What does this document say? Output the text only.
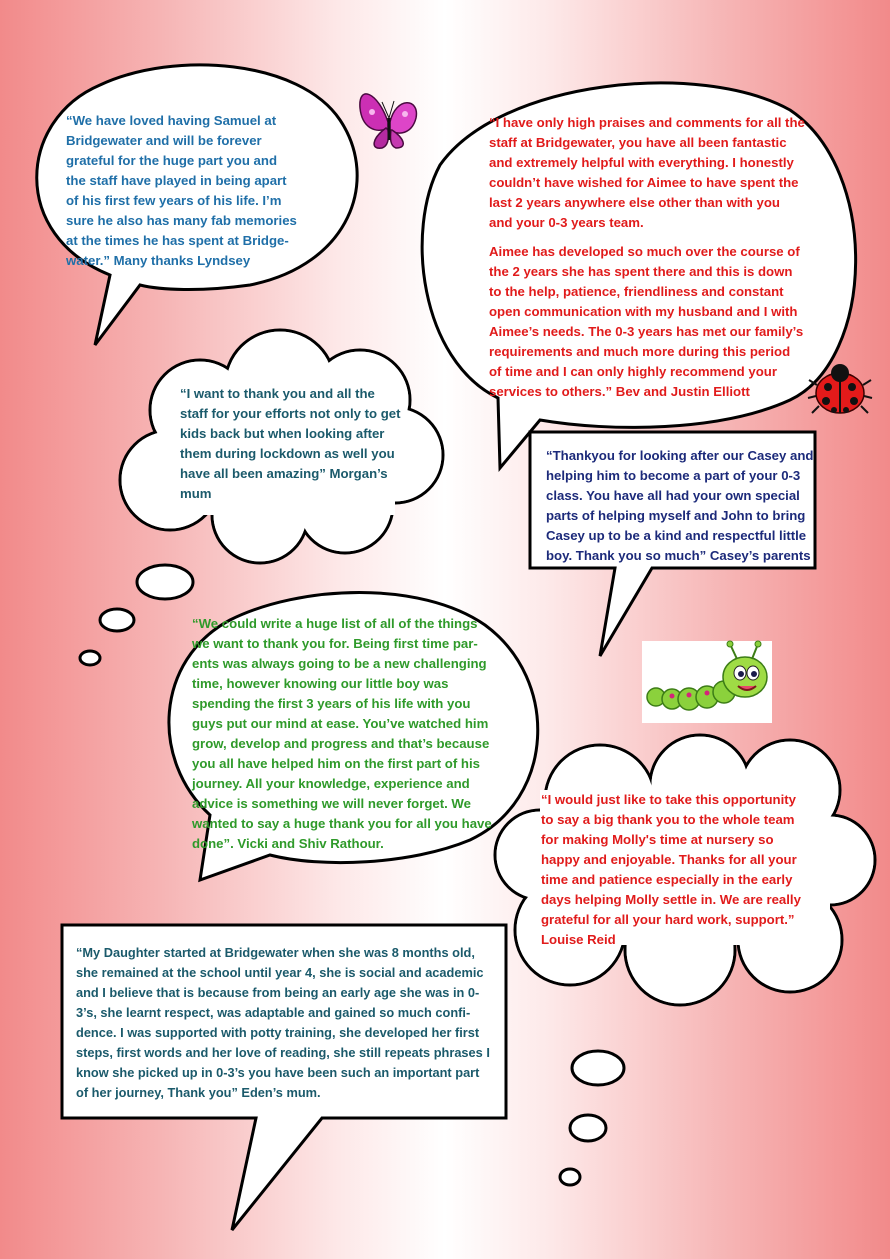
“We have loved having Samuel at
Bridgewater and will be forever
grateful for the huge part you and
the staff have played in being apart
of his first few years of his life. I’m
sure he also has many fab memories
at the times he has spent at Bridge-
water.” Many thanks Lyndsey

“I have only high praises and comments for all the
staff at Bridgewater, you have all been fantastic
and extremely helpful with everything. I honestly
couldn’t have wished for Aimee to have spent the
last 2 years anywhere else other than with you
and your 0-3 years team.

Aimee has developed so much over the course of
the 2 years she has spent there and this is down
to the help, patience, friendliness and constant
open communication with my husband and I with
Aimee’s needs. The 0-3 years has met our family’s
requirements and much more during this period
of time and I can only highly recommend your
services to others.” Bev and Justin Elliott

“I want to thank you and all the
staff for your efforts not only to get
kids back but when looking after
them during lockdown as well you
have all been amazing” Morgan’s
mum

“Thankyou for looking after our Casey and
helping him to become a part of your 0-3
class. You have all had your own special
parts of helping myself and John to bring
Casey up to be a kind and respectful little
boy. Thank you so much” Casey’s parents

“We could write a huge list of all of the things
we want to thank you for. Being first time par-
ents was always going to be a new challenging
time, however knowing our little boy was
spending the first 3 years of his life with you
guys put our mind at ease. You’ve watched him
grow, develop and progress and that’s because
you all have helped him on the first part of his
journey. All your knowledge, experience and
advice is something we will never forget. We
wanted to say a huge thank you for all you have
done”. Vicki and Shiv Rathour.

“I would just like to take this opportunity
to say a big thank you to the whole team
for making Molly's time at nursery so
happy and enjoyable. Thanks for all your
time and patience especially in the early
days helping Molly settle in. We are really
grateful for all your hard work, support.”
Louise Reid

“My Daughter started at Bridgewater when she was 8 months old,
she remained at the school until year 4, she is social and academic
and I believe that is because from being an early age she was in 0-
3’s, she learnt respect, was adaptable and gained so much confi-
dence. I was supported with potty training, she developed her first
steps, first words and her love of reading, she still repeats phrases I
know she picked up in 0-3’s you have been such an important part
of her journey, Thank you” Eden’s mum.
